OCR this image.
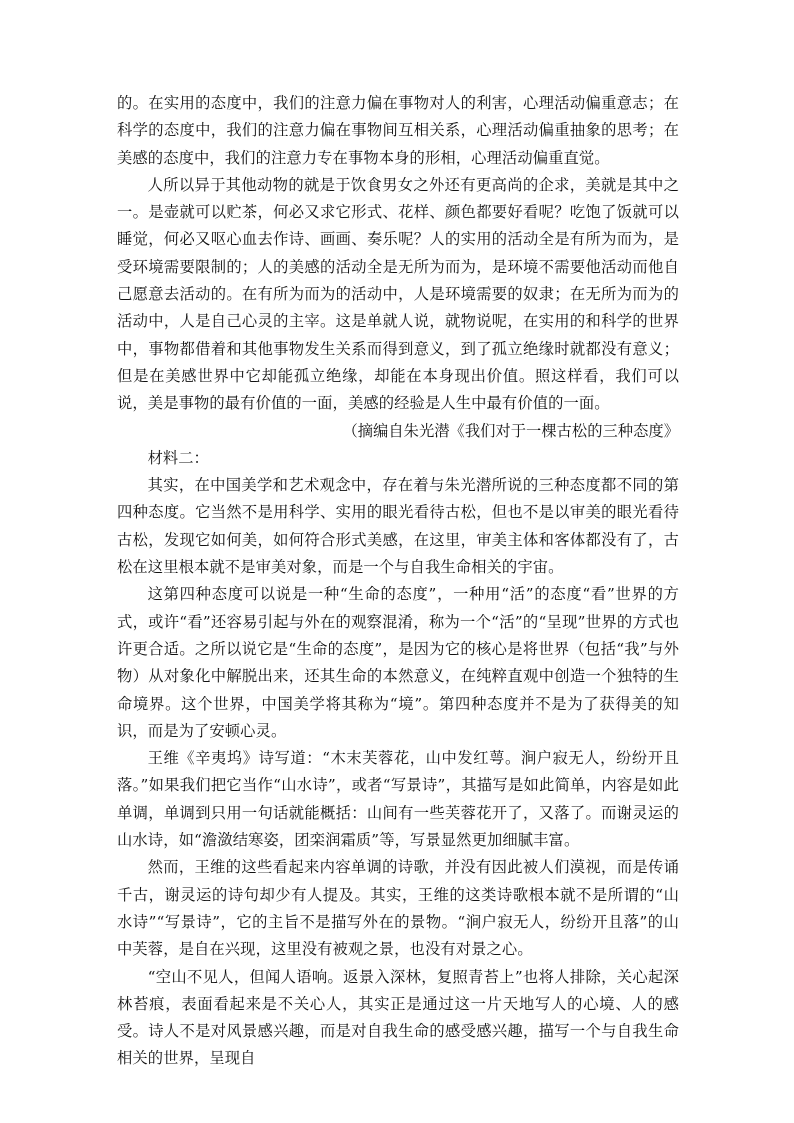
的。在实用的态度中，我们的注意力偏在事物对人的利害，心理活动偏重意志；在科学的态度中，我们的注意力偏在事物间互相关系，心理活动偏重抽象的思考；在美感的态度中，我们的注意力专在事物本身的形相，心理活动偏重直觉。

人所以异于其他动物的就是于饮食男女之外还有更高尚的企求，美就是其中之一。是壶就可以贮茶，何必又求它形式、花样、颜色都要好看呢？吃饱了饭就可以睡觉，何必又呕心血去作诗、画画、奏乐呢？人的实用的活动全是有所为而为，是受环境需要限制的；人的美感的活动全是无所为而为，是环境不需要他活动而他自己愿意去活动的。在有所为而为的活动中，人是环境需要的奴隶；在无所为而为的活动中，人是自己心灵的主宰。这是单就人说，就物说呢，在实用的和科学的世界中，事物都借着和其他事物发生关系而得到意义，到了孤立绝缘时就都没有意义；但是在美感世界中它却能孤立绝缘，却能在本身现出价值。照这样看，我们可以说，美是事物的最有价值的一面，美感的经验是人生中最有价值的一面。

（摘编自朱光潜《我们对于一棵古松的三种态度》

材料二：

其实，在中国美学和艺术观念中，存在着与朱光潜所说的三种态度都不同的第四种态度。它当然不是用科学、实用的眼光看待古松，但也不是以审美的眼光看待古松，发现它如何美，如何符合形式美感，在这里，审美主体和客体都没有了，古松在这里根本就不是审美对象，而是一个与自我生命相关的宇宙。

这第四种态度可以说是一种“生命的态度”，一种用“活”的态度“看”世界的方式，或许“看”还容易引起与外在的观察混淆，称为一个“活”的“呈现”世界的方式也许更合适。之所以说它是“生命的态度”，是因为它的核心是将世界（包括“我”与外物）从对象化中解脱出来，还其生命的本然意义，在纯粹直观中创造一个独特的生命境界。这个世界，中国美学将其称为“境”。第四种态度并不是为了获得美的知识，而是为了安顿心灵。

王维《辛夷坞》诗写道：“木末芙蓉花，山中发红萼。涧户寂无人，纷纷开且落。”如果我们把它当作“山水诗”，或者“写景诗”，其描写是如此简单，内容是如此单调，单调到只用一句话就能概括：山间有一些芙蓉花开了，又落了。而谢灵运的山水诗，如“澹潋结寒姿，团栾润霜质”等，写景显然更加细腻丰富。

然而，王维的这些看起来内容单调的诗歌，并没有因此被人们漠视，而是传诵千古，谢灵运的诗句却少有人提及。其实，王维的这类诗歌根本就不是所谓的“山水诗”“写景诗”，它的主旨不是描写外在的景物。“涧户寂无人，纷纷开且落”的山中芙蓉，是自在兴现，这里没有被观之景，也没有对景之心。

“空山不见人，但闻人语响。返景入深林，复照青苔上”也将人排除，关心起深林苔痕，表面看起来是不关心人，其实正是通过这一片天地写人的心境、人的感受。诗人不是对风景感兴趣，而是对自我生命的感受感兴趣，描写一个与自我生命相关的世界，呈现自
